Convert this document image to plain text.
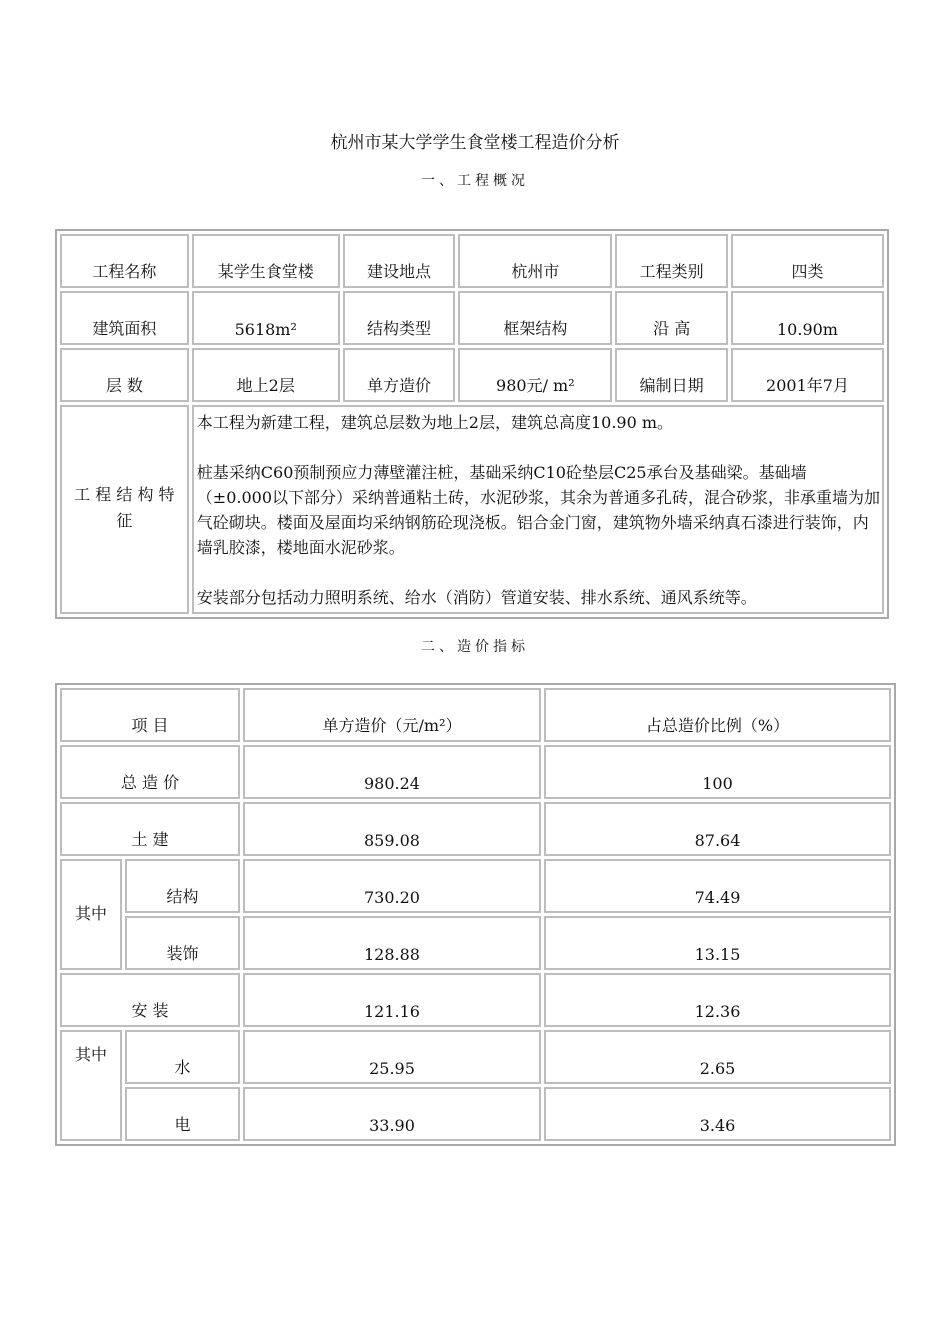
杭州市某大学学生食堂楼工程造价分析
一、工程概况
工程名称	某学生食堂楼	建设地点	杭州市	工程类别	四类
建筑面积	5618m²	结构类型	框架结构	沿 高	10.90m
层 数	地上2层	单方造价	980元/ m²	编制日期	2001年7月
工 程 结 构 特 征	本工程为新建工程，建筑总层数为地上2层，建筑总高度10.90 m。

桩基采纳C60预制预应力薄壁灌注桩，基础采纳C10砼垫层C25承台及基础梁。基础墙（±0.000以下部分）采纳普通粘土砖，水泥砂浆，其余为普通多孔砖，混合砂浆，非承重墙为加气砼砌块。楼面及屋面均采纳钢筋砼现浇板。铝合金门窗，建筑物外墙采纳真石漆进行装饰，内墙乳胶漆，楼地面水泥砂浆。

安装部分包括动力照明系统、给水（消防）管道安装、排水系统、通风系统等。				

二、造价指标
项 目		单方造价（元/m²）	占总造价比例（%）
总 造 价		980.24	100
土 建		859.08	87.64
其中	结构	730.20	74.49
	装饰	128.88	13.15
安 装		121.16	12.36
其中	水	25.95	2.65
	电	33.90	3.46
